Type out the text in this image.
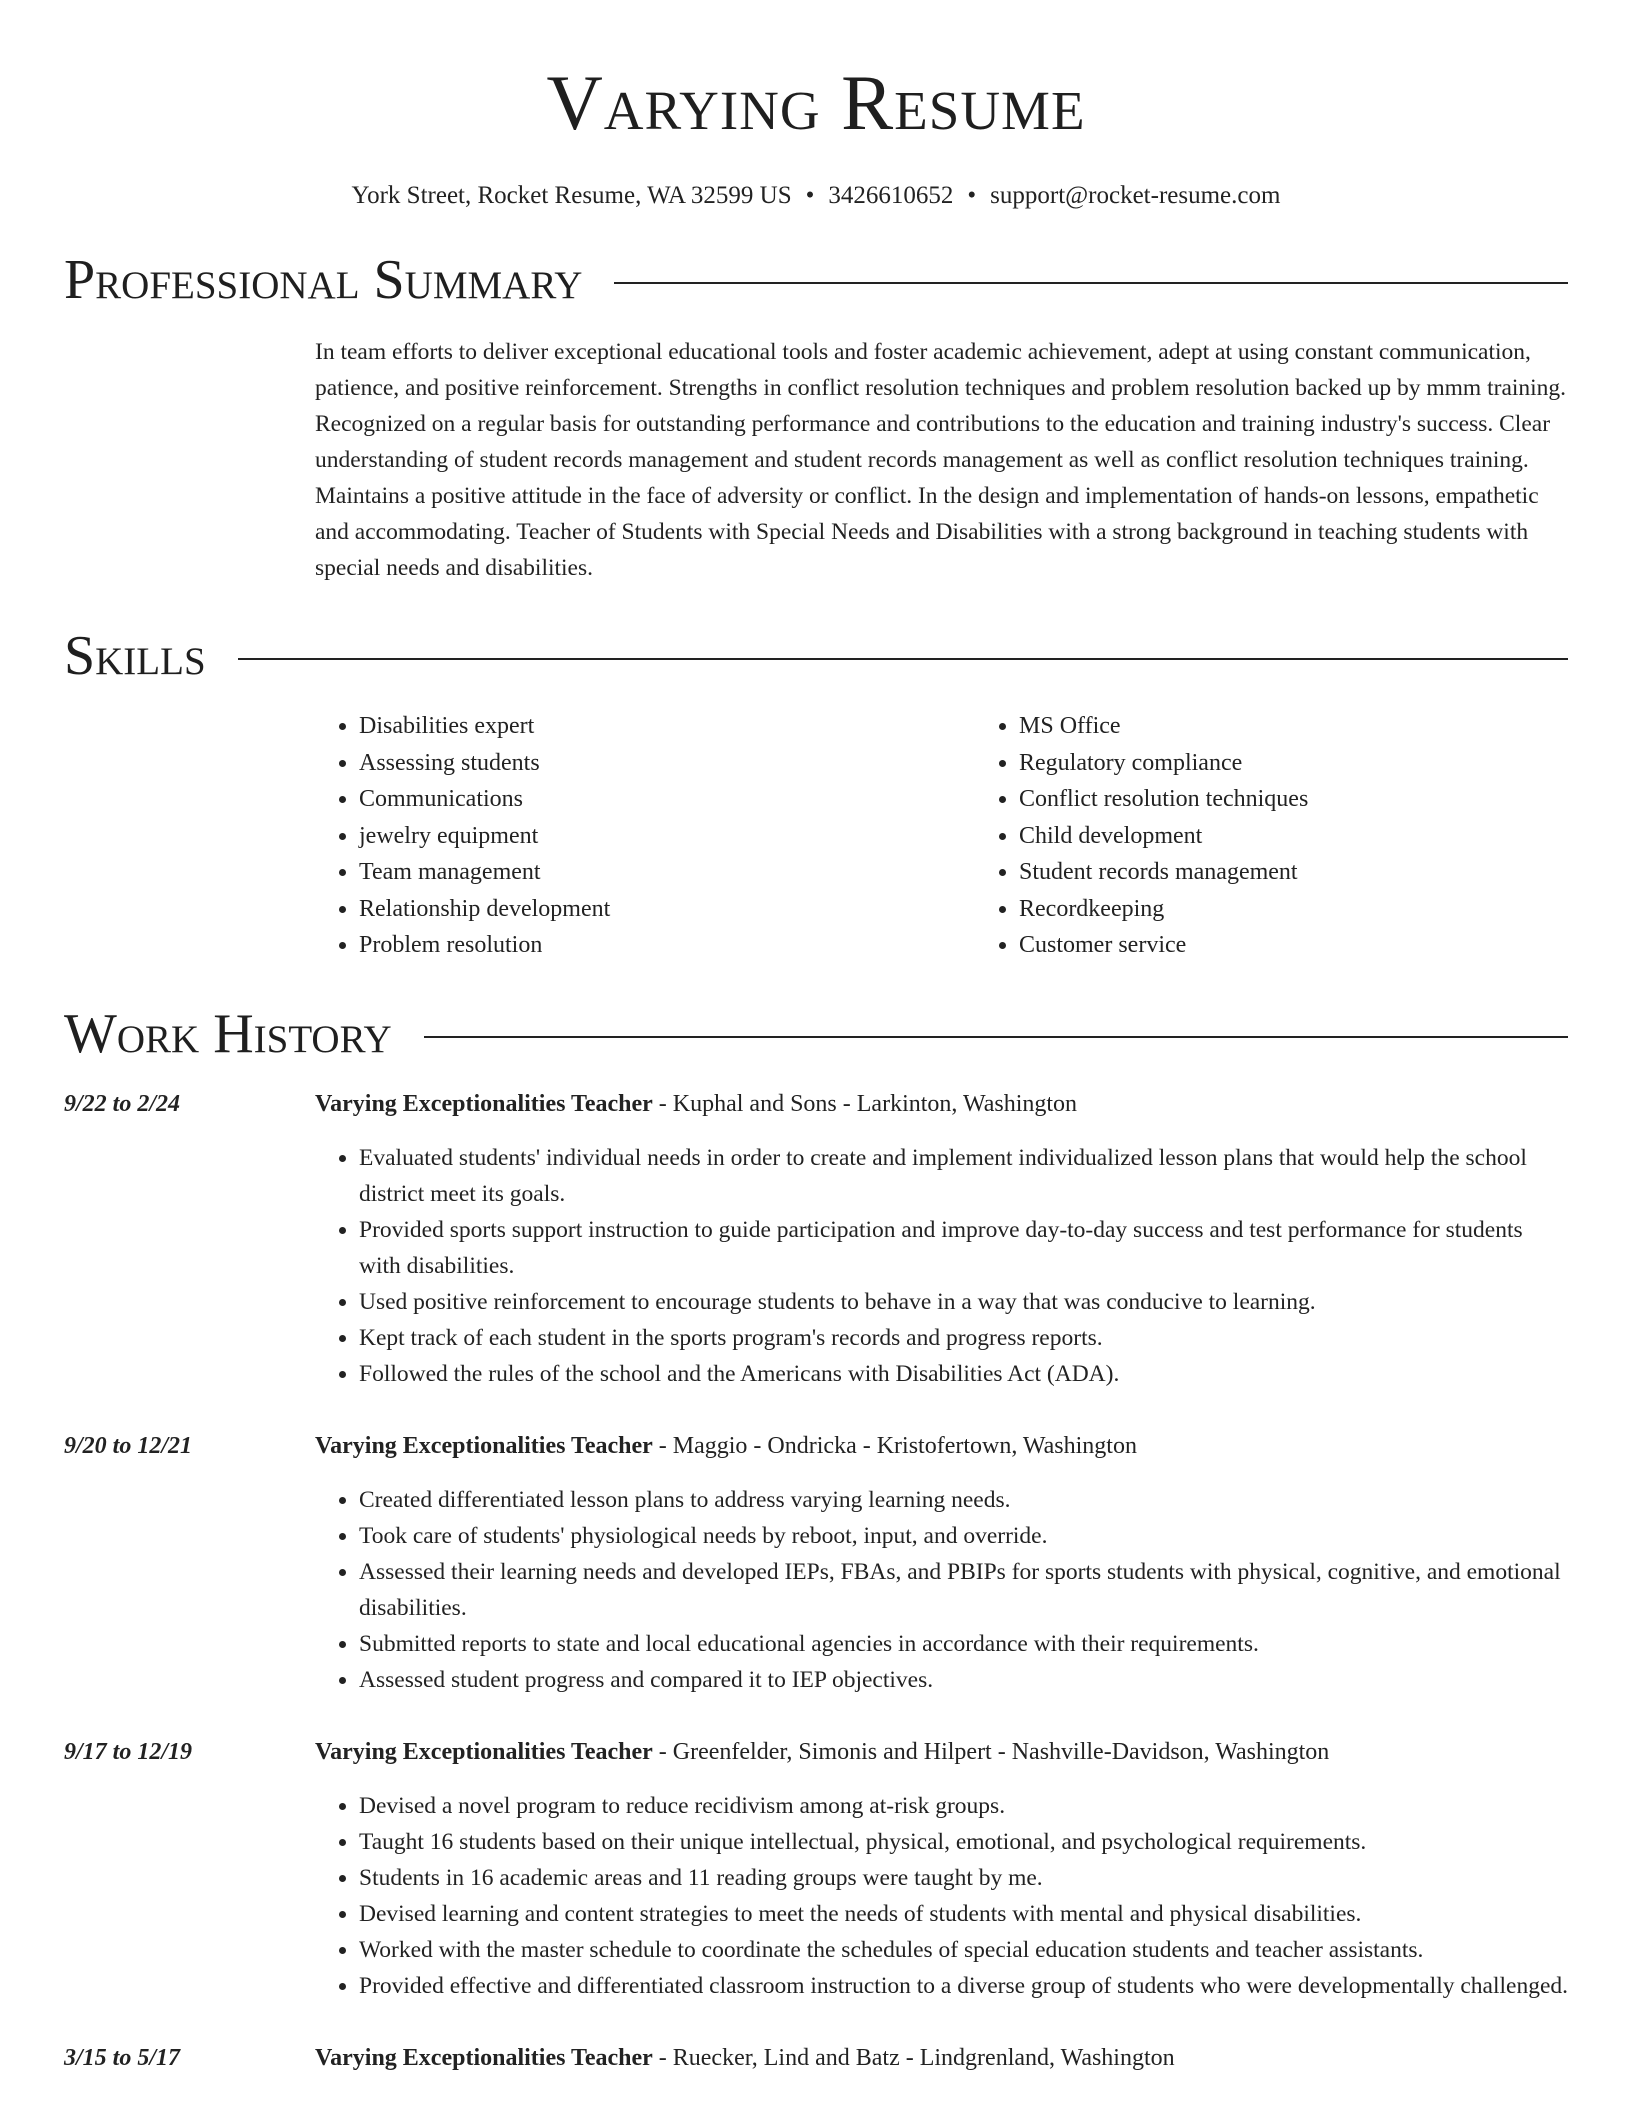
Varying Resume
York Street, Rocket Resume, WA 32599 US • 3426610652 • support@rocket-resume.com
Professional Summary
In team efforts to deliver exceptional educational tools and foster academic achievement, adept at using constant communication, patience, and positive reinforcement. Strengths in conflict resolution techniques and problem resolution backed up by mmm training. Recognized on a regular basis for outstanding performance and contributions to the education and training industry's success. Clear understanding of student records management and student records management as well as conflict resolution techniques training. Maintains a positive attitude in the face of adversity or conflict. In the design and implementation of hands-on lessons, empathetic and accommodating. Teacher of Students with Special Needs and Disabilities with a strong background in teaching students with special needs and disabilities.
Skills
• Disabilities expert
• Assessing students
• Communications
• jewelry equipment
• Team management
• Relationship development
• Problem resolution
• MS Office
• Regulatory compliance
• Conflict resolution techniques
• Child development
• Student records management
• Recordkeeping
• Customer service
Work History
9/22 to 2/24	Varying Exceptionalities Teacher - Kuphal and Sons - Larkinton, Washington
• Evaluated students' individual needs in order to create and implement individualized lesson plans that would help the school district meet its goals.
• Provided sports support instruction to guide participation and improve day-to-day success and test performance for students with disabilities.
• Used positive reinforcement to encourage students to behave in a way that was conducive to learning.
• Kept track of each student in the sports program's records and progress reports.
• Followed the rules of the school and the Americans with Disabilities Act (ADA).
9/20 to 12/21	Varying Exceptionalities Teacher - Maggio - Ondricka - Kristofertown, Washington
• Created differentiated lesson plans to address varying learning needs.
• Took care of students' physiological needs by reboot, input, and override.
• Assessed their learning needs and developed IEPs, FBAs, and PBIPs for sports students with physical, cognitive, and emotional disabilities.
• Submitted reports to state and local educational agencies in accordance with their requirements.
• Assessed student progress and compared it to IEP objectives.
9/17 to 12/19	Varying Exceptionalities Teacher - Greenfelder, Simonis and Hilpert - Nashville-Davidson, Washington
• Devised a novel program to reduce recidivism among at-risk groups.
• Taught 16 students based on their unique intellectual, physical, emotional, and psychological requirements.
• Students in 16 academic areas and 11 reading groups were taught by me.
• Devised learning and content strategies to meet the needs of students with mental and physical disabilities.
• Worked with the master schedule to coordinate the schedules of special education students and teacher assistants.
• Provided effective and differentiated classroom instruction to a diverse group of students who were developmentally challenged.
3/15 to 5/17	Varying Exceptionalities Teacher - Ruecker, Lind and Batz - Lindgrenland, Washington
